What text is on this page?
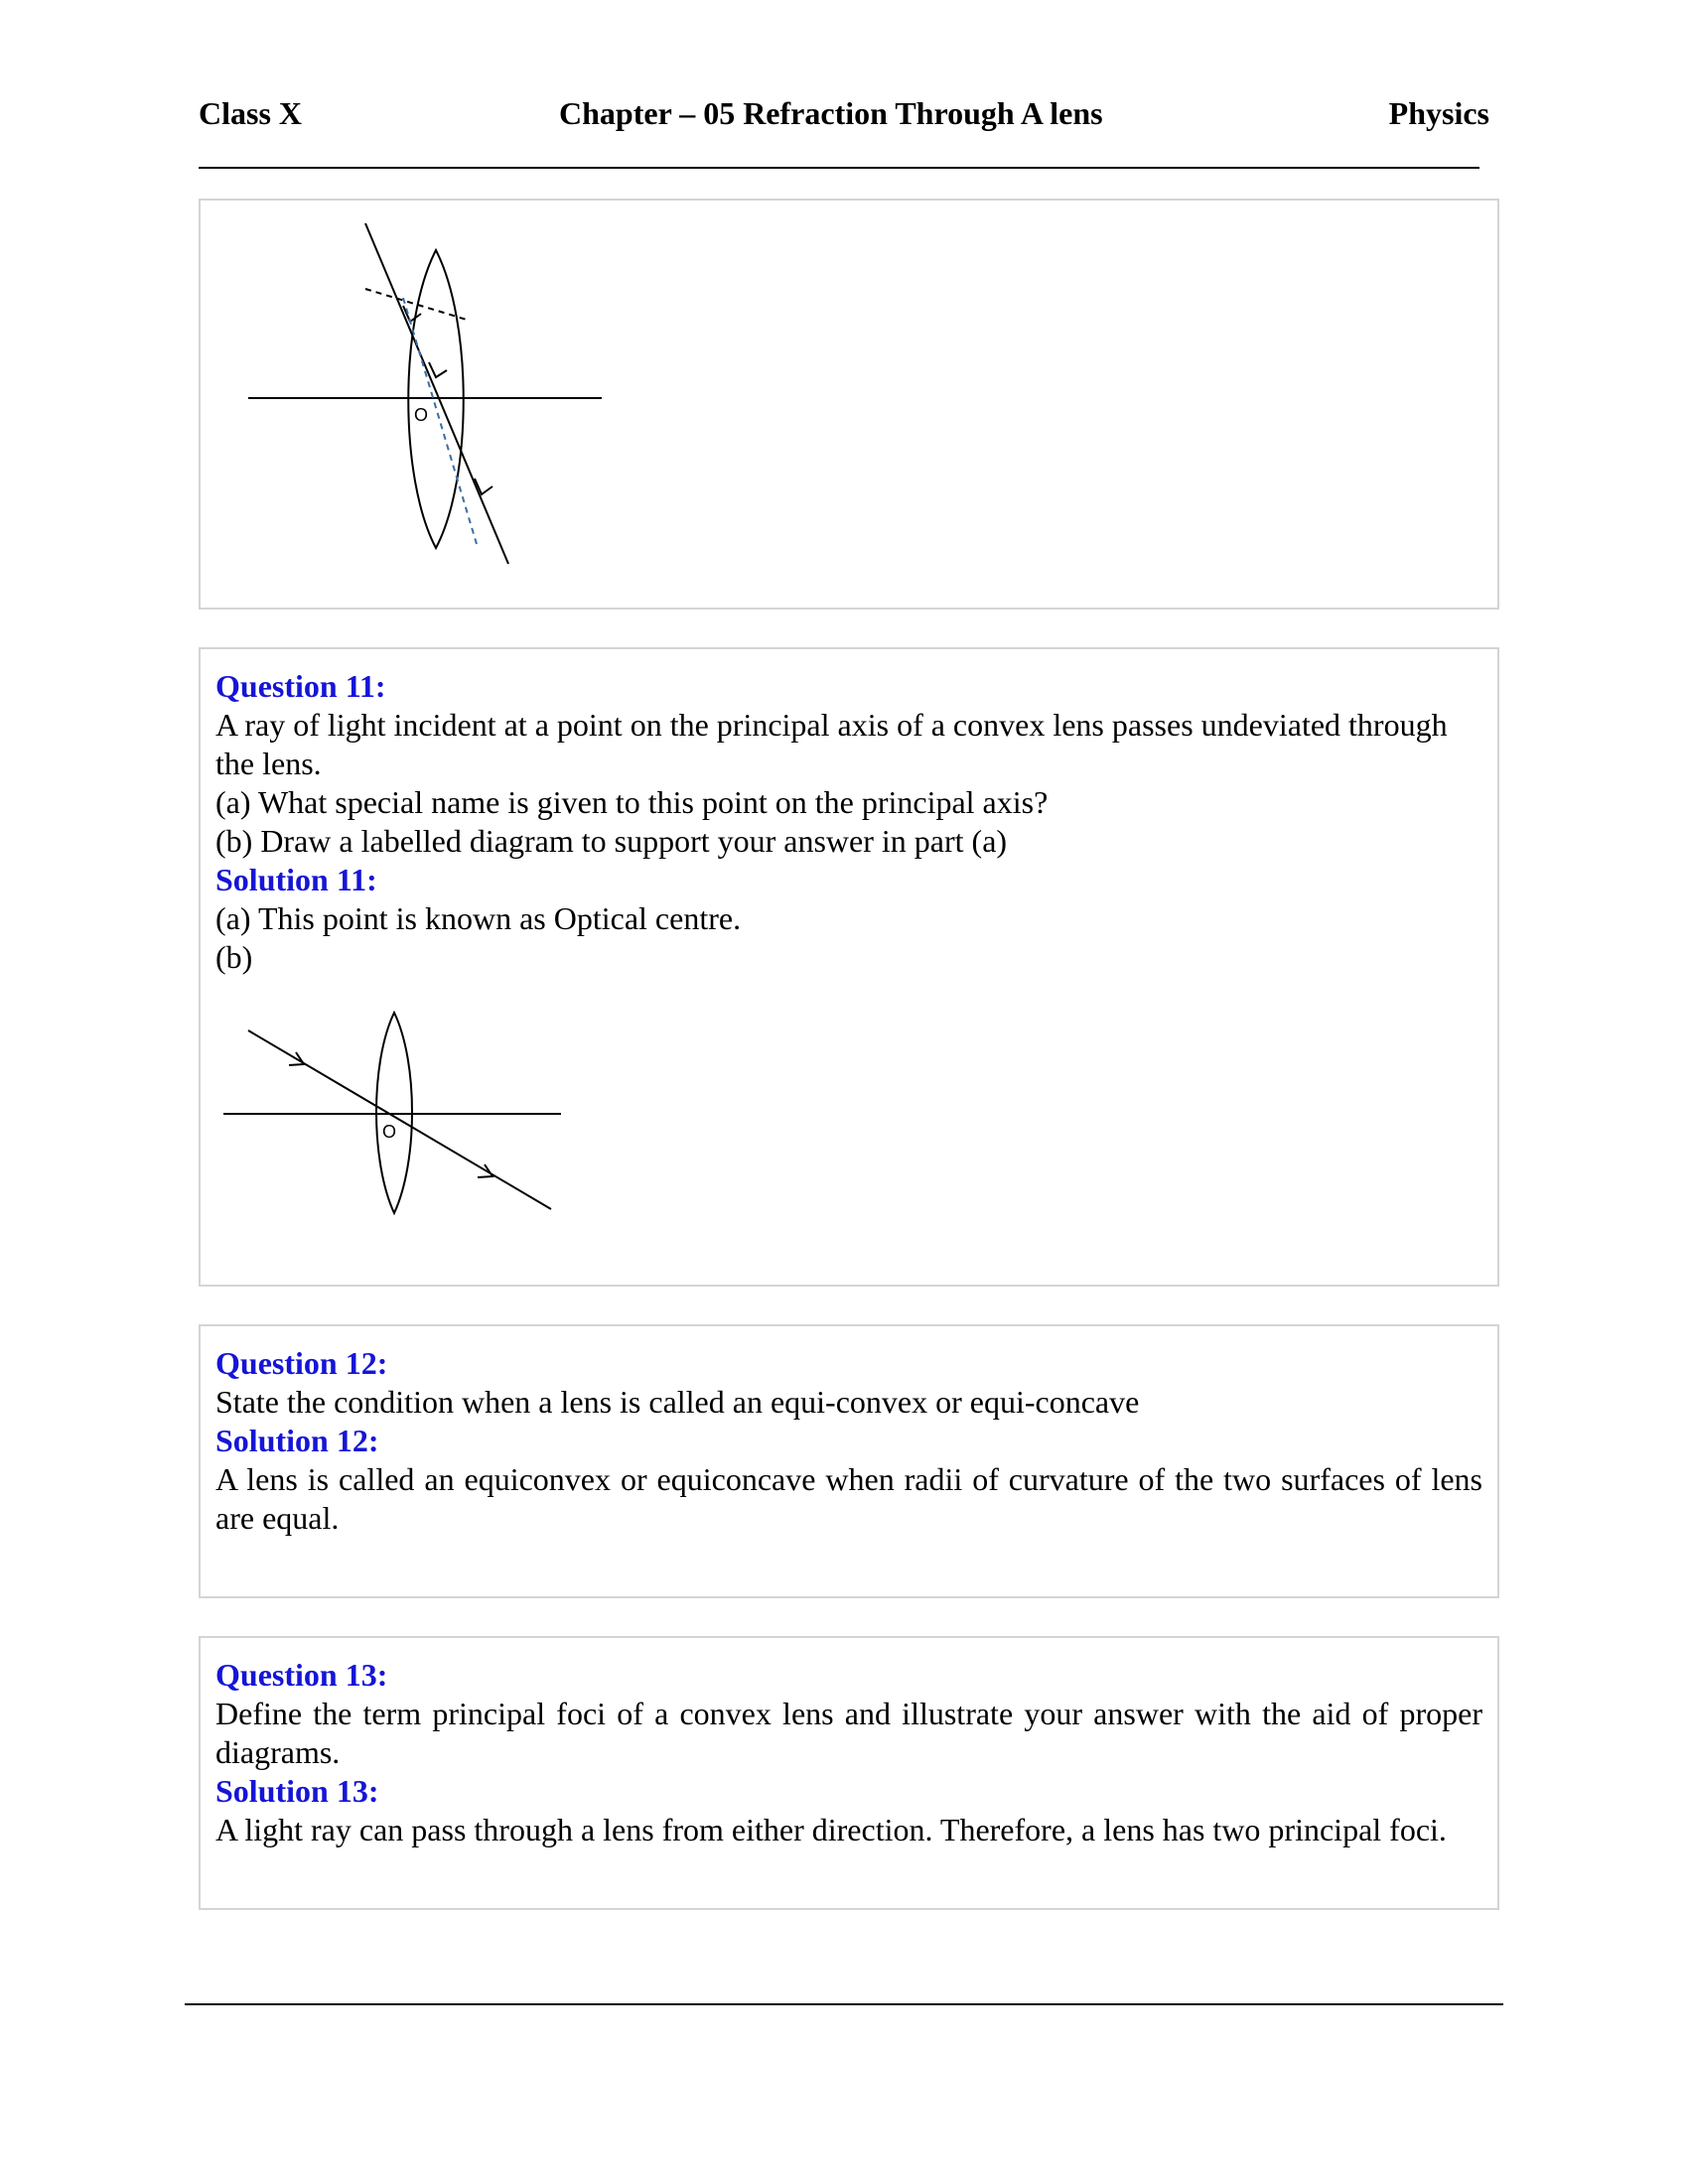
Class X	Chapter – 05 Refraction Through A lens	Physics
O
Question 11:
A ray of light incident at a point on the principal axis of a convex lens passes undeviated through the lens.
(a) What special name is given to this point on the principal axis?
(b) Draw a labelled diagram to support your answer in part (a)
Solution 11:
(a) This point is known as Optical centre.
(b)
O
Question 12:
State the condition when a lens is called an equi-convex or equi-concave
Solution 12:
A lens is called an equiconvex or equiconcave when radii of curvature of the two surfaces of lens are equal.
Question 13:
Define the term principal foci of a convex lens and illustrate your answer with the aid of proper diagrams.
Solution 13:
A light ray can pass through a lens from either direction. Therefore, a lens has two principal foci.
